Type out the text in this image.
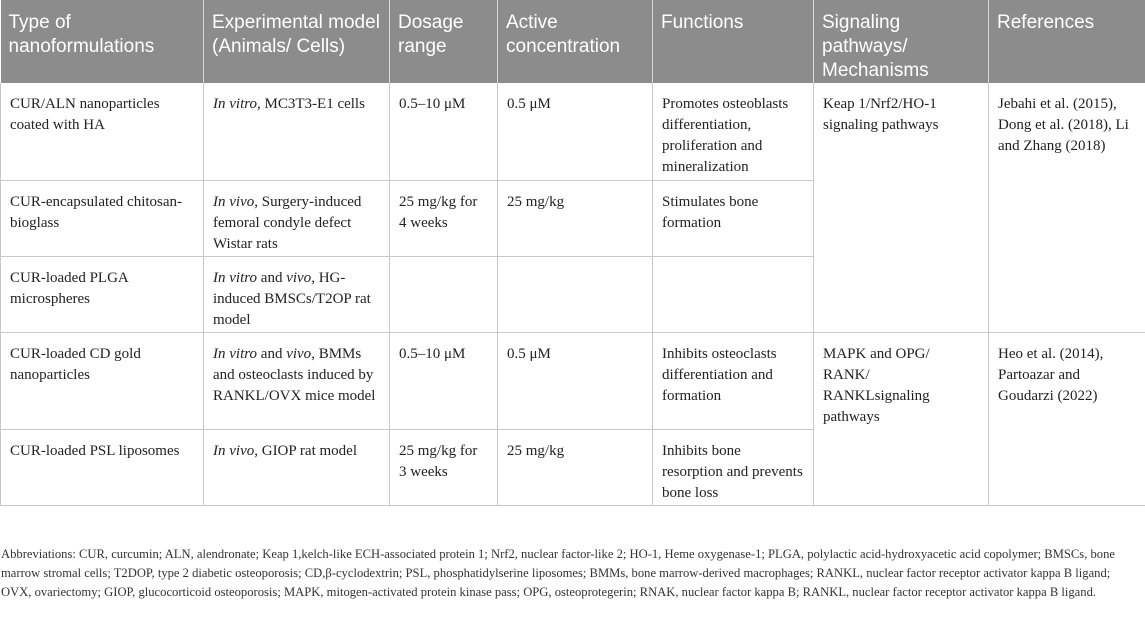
Type of nanoformulations	Experimental model (Animals/ Cells)	Dosage range	Active concentration	Functions	Signaling pathways/ Mechanisms	References
CUR/ALN nanoparticles coated with HA	In vitro, MC3T3-E1 cells	0.5–10 μM	0.5 μM	Promotes osteoblasts differentiation, proliferation and mineralization	Keap 1/Nrf2/HO-1 signaling pathways	Jebahi et al. (2015), Dong et al. (2018), Li and Zhang (2018)
CUR-encapsulated chitosan-bioglass	In vivo, Surgery-induced femoral condyle defect Wistar rats	25 mg/kg for 4 weeks	25 mg/kg	Stimulates bone formation		
CUR-loaded PLGA microspheres	In vitro and vivo, HG-induced BMSCs/T2OP rat model					
CUR-loaded CD gold nanoparticles	In vitro and vivo, BMMs and osteoclasts induced by RANKL/OVX mice model	0.5–10 μM	0.5 μM	Inhibits osteoclasts differentiation and formation	MAPK and OPG/ RANK/ RANKLsignaling pathways	Heo et al. (2014), Partoazar and Goudarzi (2022)
CUR-loaded PSL liposomes	In vivo, GIOP rat model	25 mg/kg for 3 weeks	25 mg/kg	Inhibits bone resorption and prevents bone loss		
Abbreviations: CUR, curcumin; ALN, alendronate; Keap 1,kelch-like ECH-associated protein 1; Nrf2, nuclear factor-like 2; HO-1, Heme oxygenase-1; PLGA, polylactic acid-hydroxyacetic acid copolymer; BMSCs, bone marrow stromal cells; T2DOP, type 2 diabetic osteoporosis; CD,β-cyclodextrin; PSL, phosphatidylserine liposomes; BMMs, bone marrow-derived macrophages; RANKL, nuclear factor receptor activator kappa B ligand; OVX, ovariectomy; GIOP, glucocorticoid osteoporosis; MAPK, mitogen-activated protein kinase pass; OPG, osteoprotegerin; RNAK, nuclear factor kappa B; RANKL, nuclear factor receptor activator kappa B ligand.
